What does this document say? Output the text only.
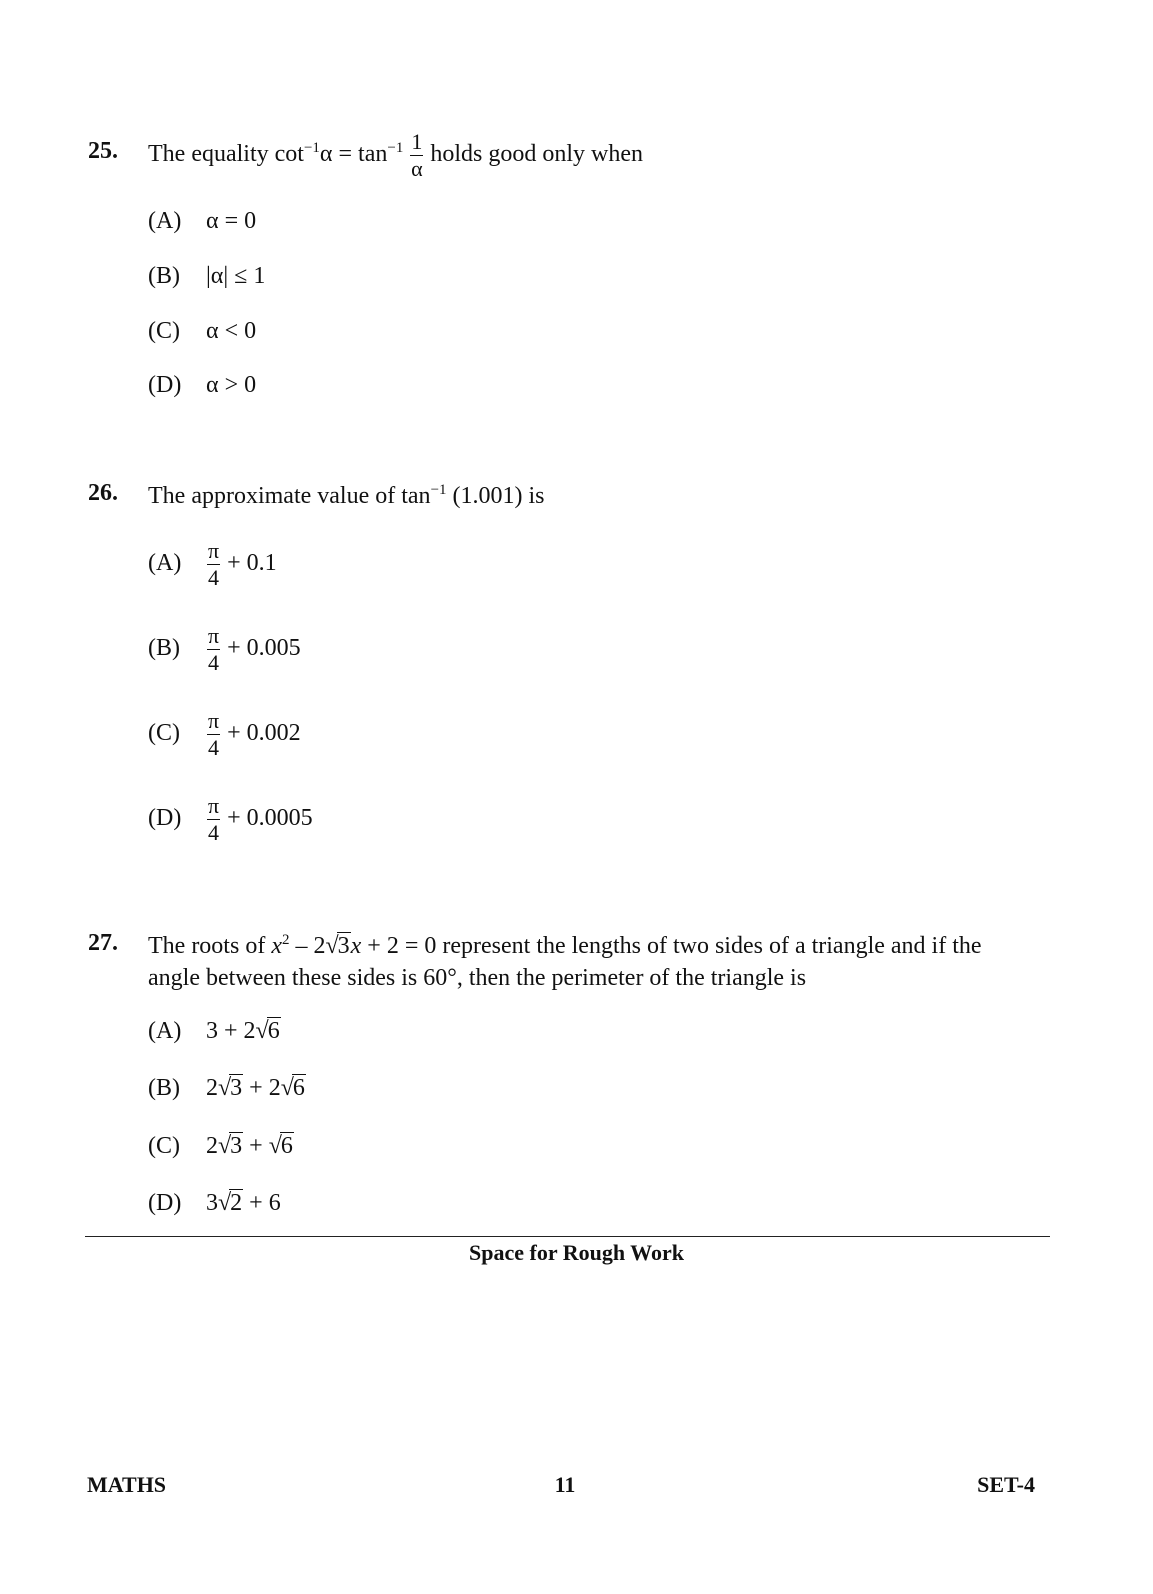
25. The equality $\cot^{-1}\alpha = \tan^{-1} \frac{1}{\alpha}$ holds good only when
(A) α = 0
(B) |α| ≤ 1
(C) α < 0
(D) α > 0
26. The approximate value of $\tan^{-1} (1.001)$ is
$(A) \frac{\pi}{4} + 0.1$
$(B) \frac{\pi}{4} + 0.005$
$(C) \frac{\pi}{4} + 0.002$
$(D) \frac{\pi}{4} + 0.0005$
27. The roots of $x^2 - 2√3x + 2 = 0$ represent the lengths of two sides of a triangle and if the
angle between these sides is 60°, then the perimeter of the triangle is
(A) 3 + 2√6
(B) 2√3 + 2√6
(C) 2√3 + √6
(D) 3√2 + 6
Space for Rough Work
MATHS	11	SET-4
